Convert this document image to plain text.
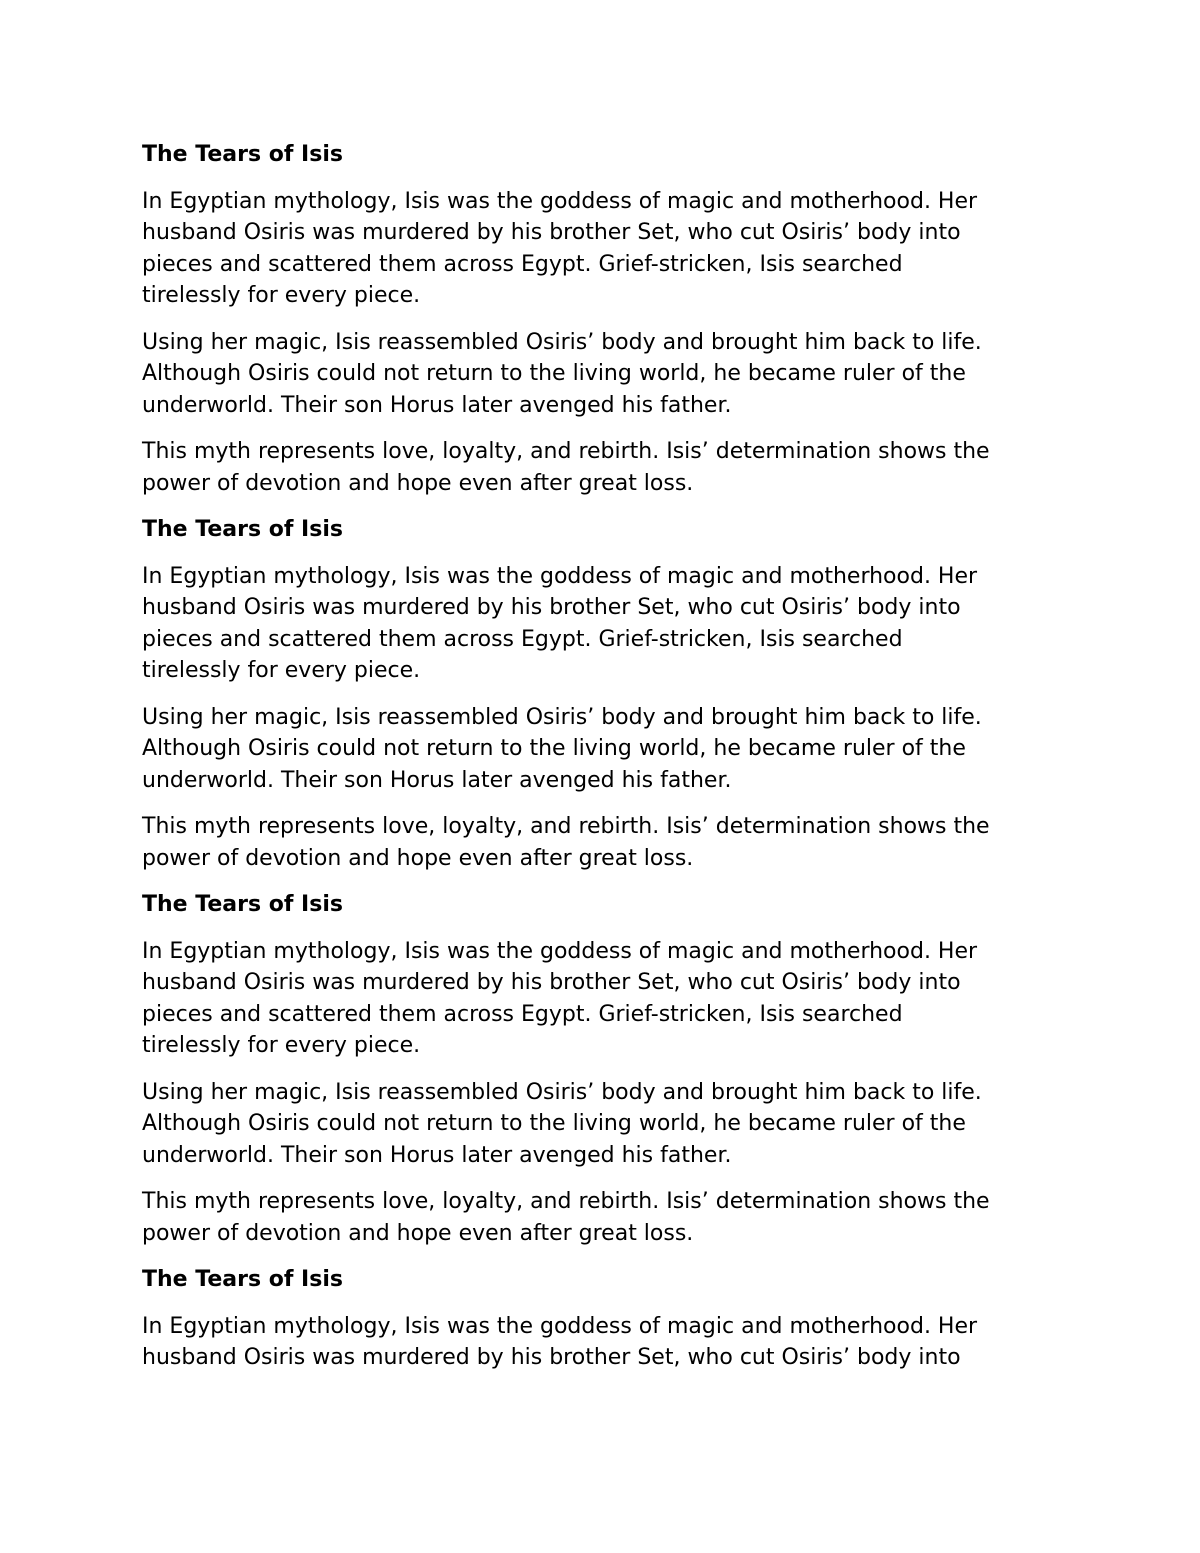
The Tears of Isis
In Egyptian mythology, Isis was the goddess of magic and motherhood. Her
husband Osiris was murdered by his brother Set, who cut Osiris’ body into
pieces and scattered them across Egypt. Grief-stricken, Isis searched
tirelessly for every piece.
Using her magic, Isis reassembled Osiris’ body and brought him back to life.
Although Osiris could not return to the living world, he became ruler of the
underworld. Their son Horus later avenged his father.
This myth represents love, loyalty, and rebirth. Isis’ determination shows the
power of devotion and hope even after great loss.
The Tears of Isis
In Egyptian mythology, Isis was the goddess of magic and motherhood. Her
husband Osiris was murdered by his brother Set, who cut Osiris’ body into
pieces and scattered them across Egypt. Grief-stricken, Isis searched
tirelessly for every piece.
Using her magic, Isis reassembled Osiris’ body and brought him back to life.
Although Osiris could not return to the living world, he became ruler of the
underworld. Their son Horus later avenged his father.
This myth represents love, loyalty, and rebirth. Isis’ determination shows the
power of devotion and hope even after great loss.
The Tears of Isis
In Egyptian mythology, Isis was the goddess of magic and motherhood. Her
husband Osiris was murdered by his brother Set, who cut Osiris’ body into
pieces and scattered them across Egypt. Grief-stricken, Isis searched
tirelessly for every piece.
Using her magic, Isis reassembled Osiris’ body and brought him back to life.
Although Osiris could not return to the living world, he became ruler of the
underworld. Their son Horus later avenged his father.
This myth represents love, loyalty, and rebirth. Isis’ determination shows the
power of devotion and hope even after great loss.
The Tears of Isis
In Egyptian mythology, Isis was the goddess of magic and motherhood. Her
husband Osiris was murdered by his brother Set, who cut Osiris’ body into
